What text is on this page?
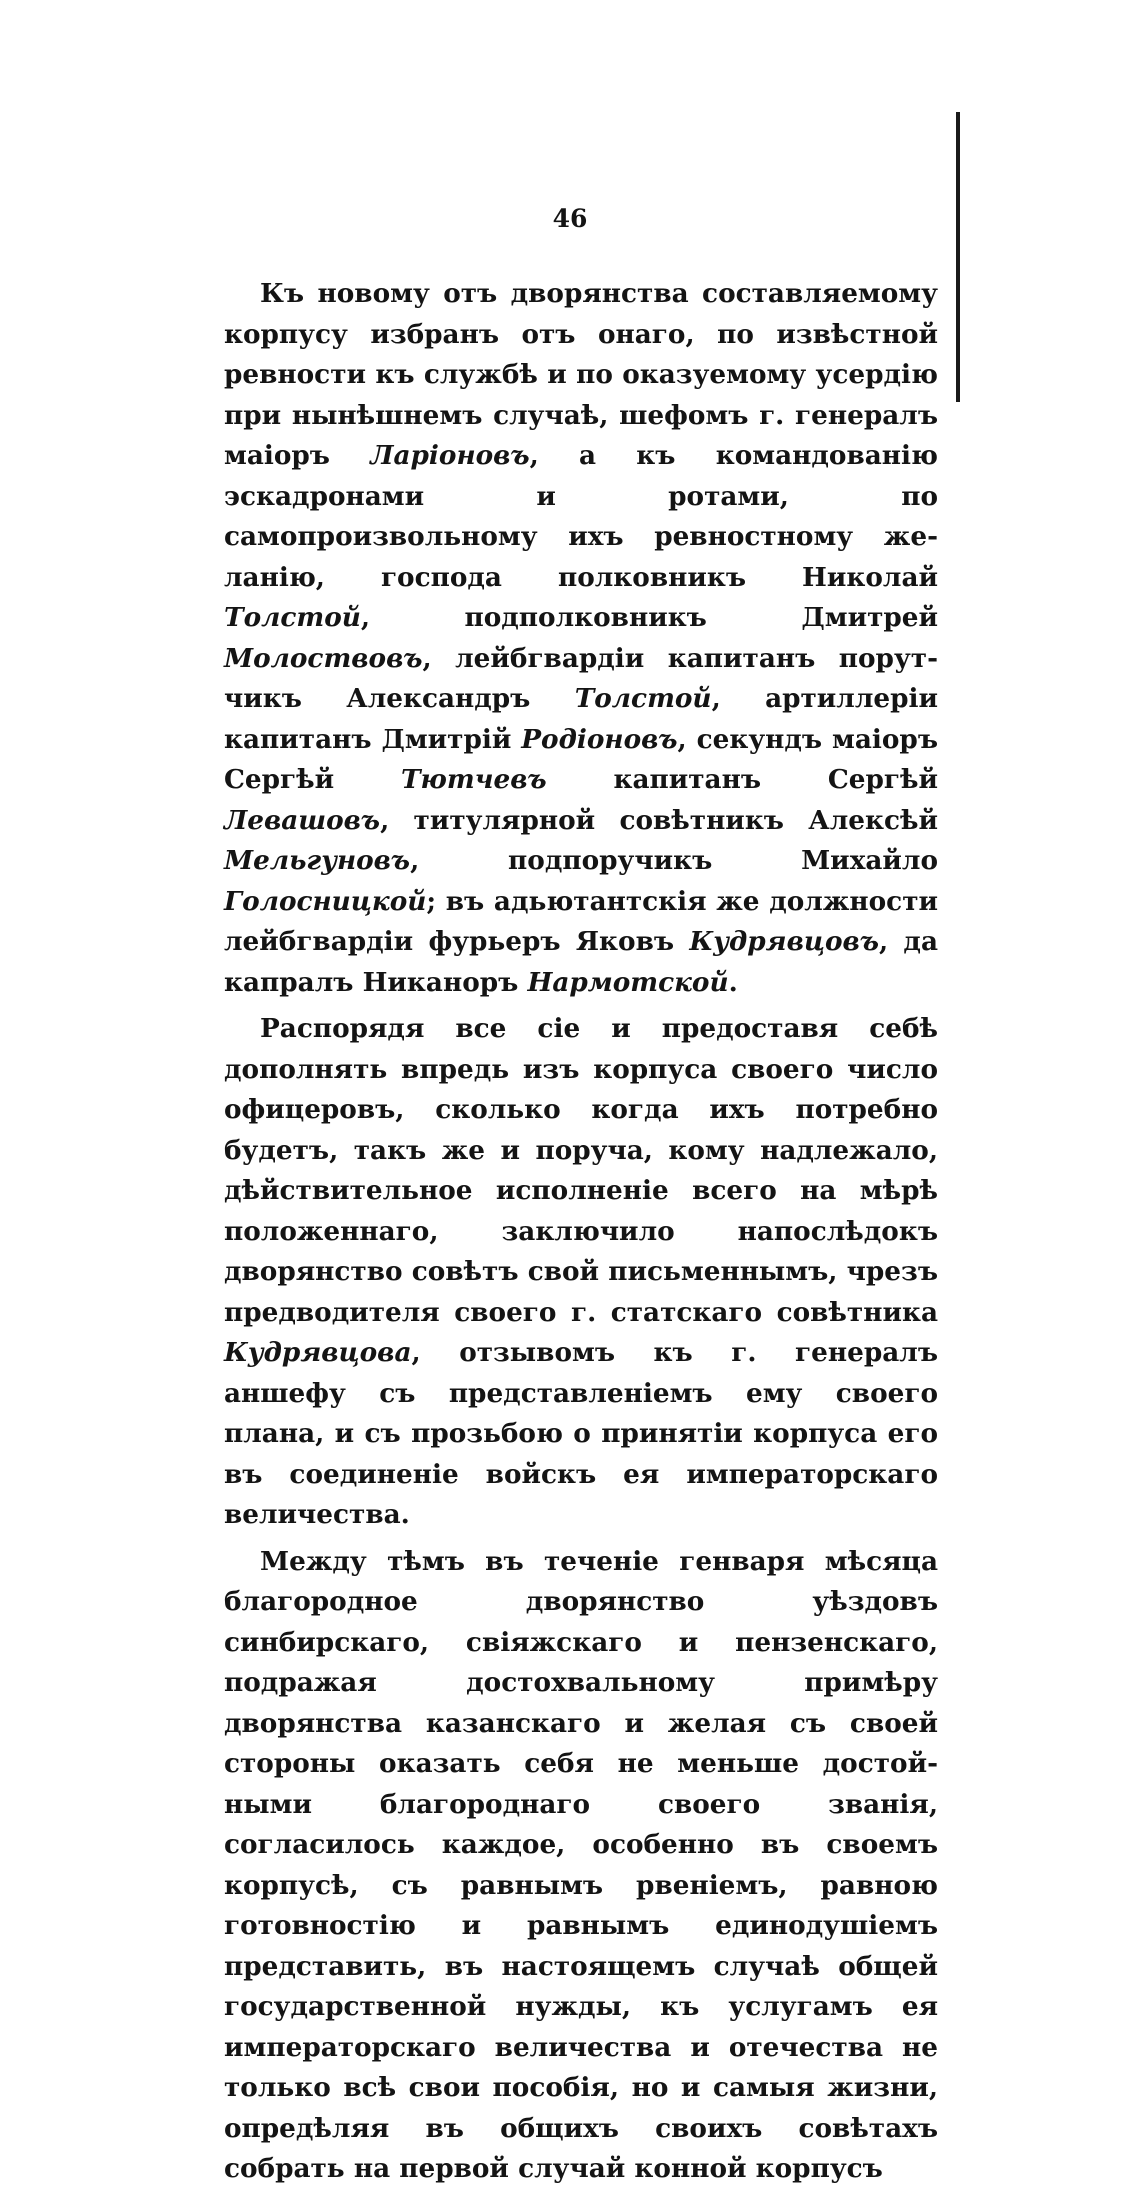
46

Къ новому отъ дворянства составляемому корпусу избранъ отъ онаго, по извѣстной ревности къ службѣ и по оказуемому усердію при нынѣшнемъ случаѣ, шефомъ г. генералъ маіоръ Ларіоновъ, а къ командованію эскадронами и ротами, по самопроизвольному ихъ ревностному желанію, господа полковникъ Николай Толстой, подполковникъ Дмитрей Молоствовъ, лейбгвардіи капитанъ порутчикъ Александръ Толстой, артиллеріи капитанъ Дмитрій Родіоновъ, секундъ маіоръ Сергѣй Тютчевъ капитанъ Сергѣй Левашовъ, титулярной совѣтникъ Алексѣй Мельгуновъ, подпоручикъ Михайло Голосницкой; въ адьютантскія же должности лейбгвардіи фурьеръ Яковъ Кудрявцовъ, да капралъ Никаноръ Нармотской.

Распорядя все сіе и предоставя себѣ дополнять впредь изъ корпуса своего число офицеровъ, сколько когда ихъ потребно будетъ, такъ же и поруча, кому надлежало, дѣйствительное исполненіе всего на мѣрѣ положеннаго, заключило напослѣдокъ дворянство совѣтъ свой письменнымъ, чрезъ предводителя своего г. статскаго совѣтника Кудрявцова, отзывомъ къ г. генералъ аншефу съ представленіемъ ему своего плана, и съ прозьбою о принятіи корпуса его въ соединеніе войскъ ея императорскаго величества.

Между тѣмъ въ теченіе генваря мѣсяца благородное дворянство уѣздовъ синбирскаго, свіяжскаго и пензенскаго, подражая достохвальному примѣру дворянства казанскаго и желая съ своей стороны оказать себя не меньше достойными благороднаго своего званія, согласилось каждое, особенно въ своемъ корпусѣ, съ равнымъ рвеніемъ, равною готовностію и равнымъ единодушіемъ представить, въ настоящемъ случаѣ общей государственной нужды, къ услугамъ ея императорскаго величества и отечества не только всѣ свои пособія, но и самыя жизни, опредѣляя въ общихъ своихъ совѣтахъ собрать на первой случай конной корпусъ
